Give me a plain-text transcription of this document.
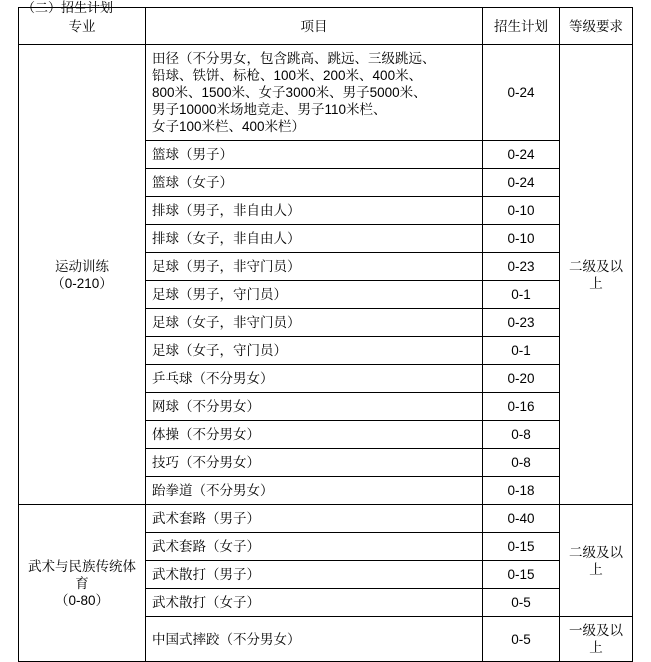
（二）招生计划
专业	项目	招生计划	等级要求

运动训练
（0-210）	田径（不分男女，包含跳高、跳远、三级跳远、
铅球、铁饼、标枪、100米、200米、400米、
800米、1500米、女子3000米、男子5000米、
男子10000米场地竞走、男子110米栏、
女子100米栏、400米栏）	0-24	二级及以上
	篮球（男子）	0-24	
	篮球（女子）	0-24	
	排球（男子，非自由人）	0-10	
	排球（女子，非自由人）	0-10	
	足球（男子，非守门员）	0-23	
	足球（男子，守门员）	0-1	
	足球（女子，非守门员）	0-23	
	足球（女子，守门员）	0-1	
	乒乓球（不分男女）	0-20	
	网球（不分男女）	0-16	
	体操（不分男女）	0-8	
	技巧（不分男女）	0-8	
	跆拳道（不分男女）	0-18	

武术与民族传统体育
（0-80）	武术套路（男子）	0-40	二级及以上
	武术套路（女子）	0-15	
	武术散打（男子）	0-15	
	武术散打（女子）	0-5	
	中国式摔跤（不分男女）	0-5	一级及以上
